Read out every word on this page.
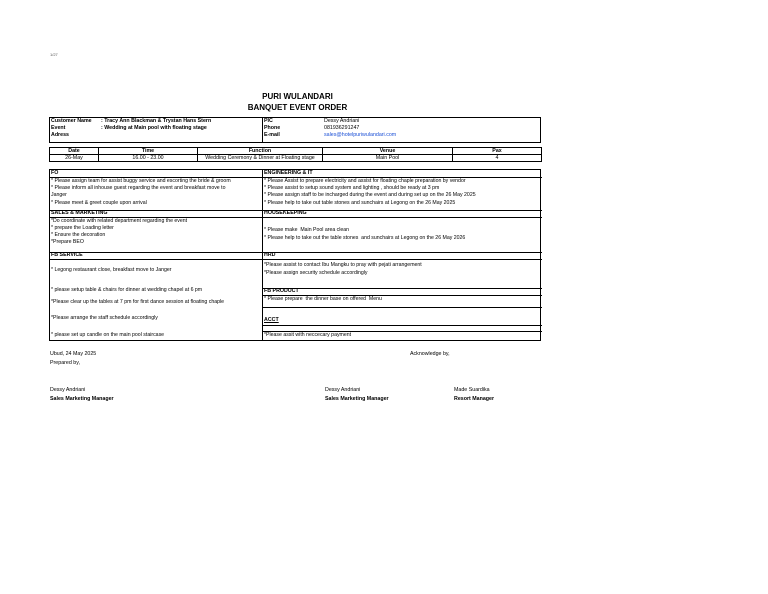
1/27
PURI WULANDARI
BANQUET EVENT ORDER
Customer Name : Tracy Ann Blackman & Trystan Hans Stern
Event	: Wedding at Main pool with floating stage
Adress
PIC	Dessy Andriani
Phone	081936291247
E-mail	sales@hotelpuriwulandari.com
Date	Time	Function	Venue	Pax
26-May	16.00 - 23.00	Wedding Ceremony & Dinner at Floating stage	Main Pool	4
FO
* Please assign team for assist buggy service and escorting the bride & groom
* Please inform all inhouse guest regarding the event and breakfast move to
Janger
* Please meet & greet couple upon arrival
ENGINEERING & IT
* Please Assist to prepare electricity and assist for floating chaple preparation by vendor
* Please assist to setup sound system and lighting , should be ready at 3 pm
* Please assign staff to be incharged during the event and during set up on the 26 May 2025
* Please help to take out table stones and sunchairs at Legong on the 26 May 2025
SALES & MARKETING
*Do coordinate with related department regarding the event
* prepare the Loading letter
* Ensure the decoration
*Prepare BEO
HOUSEKEEPING
* Please make  Main Pool area clean
* Please help to take out the table stones  and sunchairs at Legong on the 26 May 2026
FB SERVICE
* Legong restaurant close, breakfast move to Janger
* please setup table & chairs for dinner at wedding chapel at 6 pm
*Please clear up the tables at 7 pm for first dance session at floating chaple
*Please arrange the staff schedule accordingly
* please set up candle on the main pool staircase
HRD
*Please assist to contact Ibu Mangku to pray with pejati arrangement
*Please assign security schedule accordingly
FB PRODUCT
* Please prepare  the dinner base on offered  Menu
ACCT
*Please assit with neccecary payment
Ubud, 24 May 2025
Prepared by,
Acknowledge by,
Dessy Andriani
Sales Marketing Manager
Dessy Andriani
Sales Marketing Manager
Made Suardika
Resort Manager
